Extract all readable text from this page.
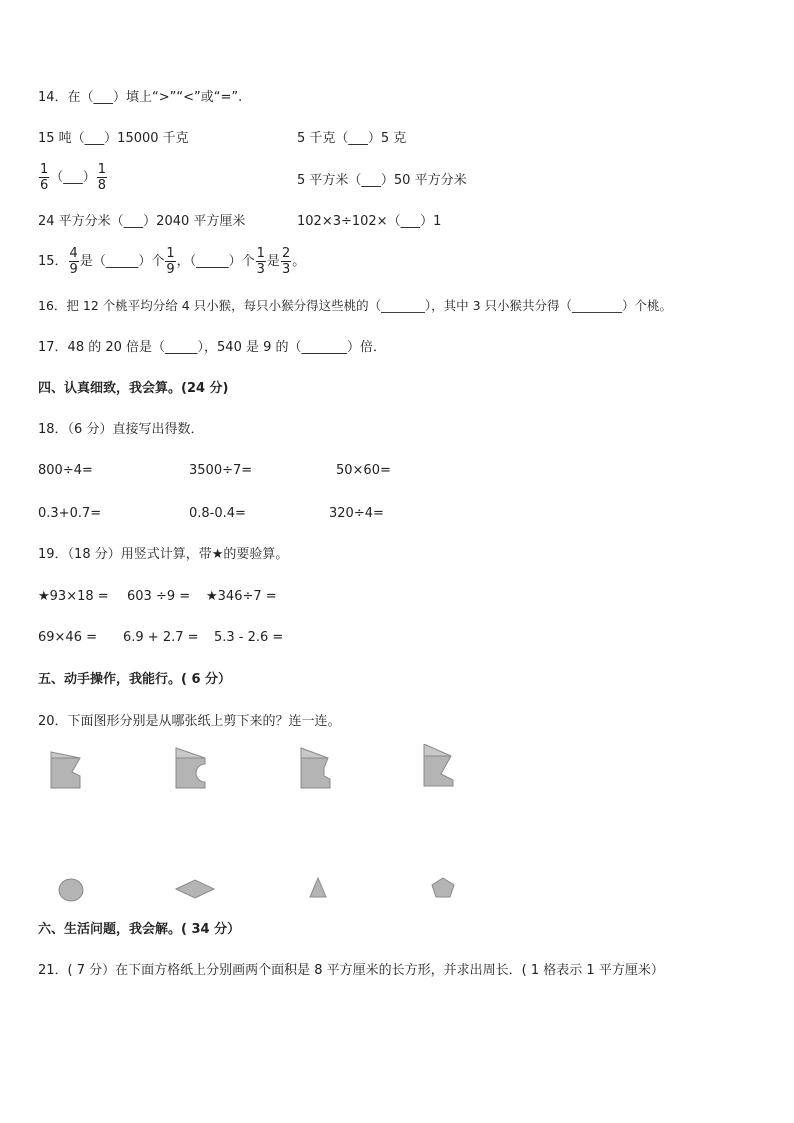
14．在（___）填上“>”“<”或“=”.
15 吨（___）15000 千克	5 千克（___）5 克
$\frac{1}{6}$ （___） $\frac{1}{8}$	5 平方米（___）50 平方分米
24 平方分米（___）2040 平方厘米	102×3÷102×（___）1
15． $\frac{4}{9}$ 是（_____）个 $\frac{1}{9}$ ，（_____）个 $\frac{1}{3}$ 是 $\frac{2}{3}$ 。
16．把 12 个桃平均分给 4 只小猴，每只小猴分得这些桃的（_______），其中 3 只小猴共分得（________）个桃。
17．48 的 20 倍是（_____），540 是 9 的（_______）倍．
四、认真细致，我会算。(24 分)
18．（6 分）直接写出得数．
800÷4=	3500÷7=	50×60=
0.3+0.7=	0.8-0.4=	320÷4=
19．（18 分）用竖式计算，带★的要验算。
★93×18 = 603 ÷9 = ★346÷7 =
69×46 = 6.9 + 2.7 = 5.3 - 2.6 =
五、动手操作，我能行。( 6 分）
20．下面图形分别是从哪张纸上剪下来的？连一连。
六、生活问题，我会解。( 34 分）
21．( 7 分）在下面方格纸上分别画两个面积是 8 平方厘米的长方形，并求出周长．( 1 格表示 1 平方厘米）
